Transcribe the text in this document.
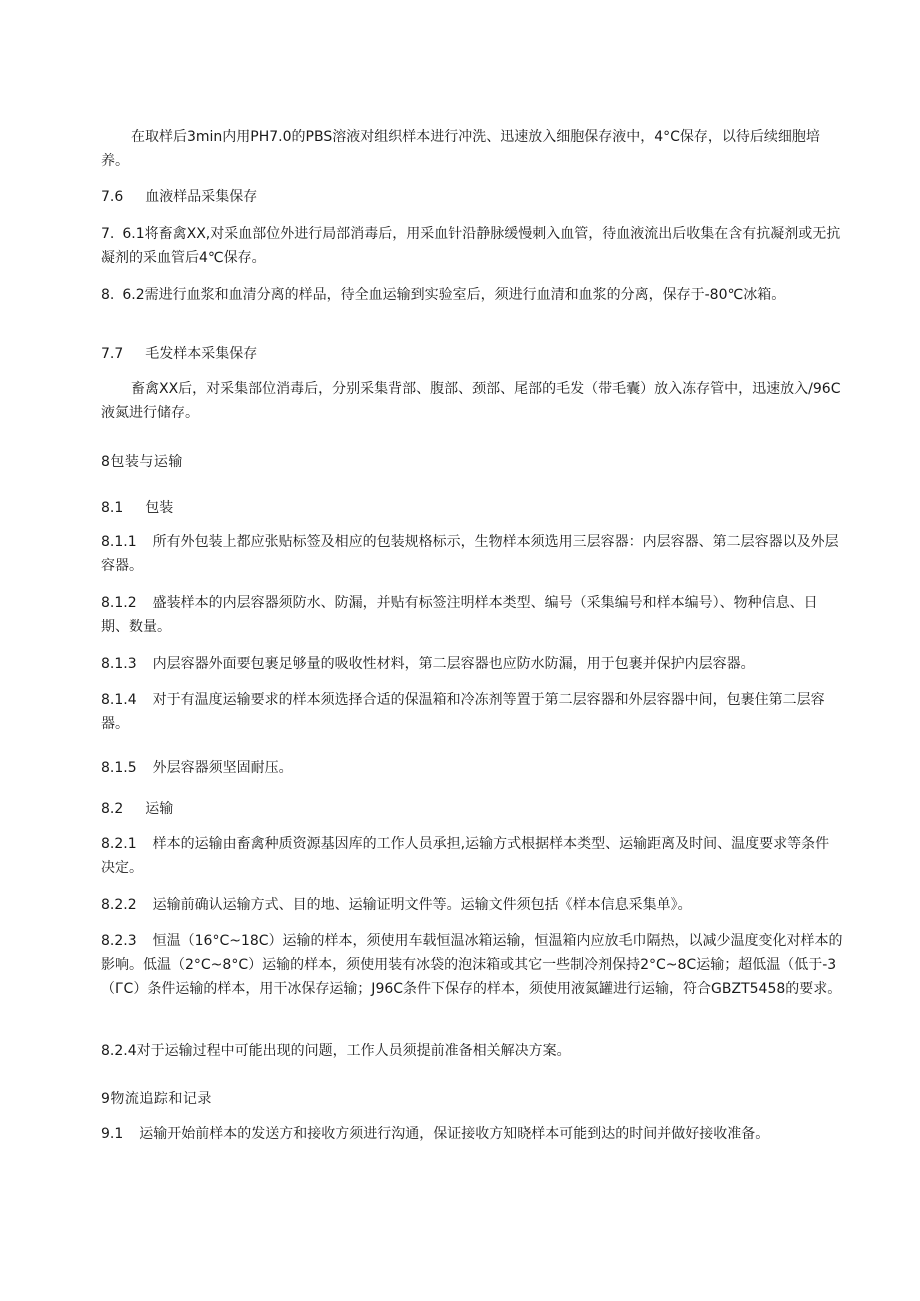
在取样后3min内用PH7.0的PBS溶液对组织样本进行冲洗、迅速放入细胞保存液中，4°C保存，以待后续细胞培养。

7.6 血液样品采集保存

7. 6.1将畜禽XX,对采血部位外进行局部消毒后，用采血针沿静脉缓慢刺入血管，待血液流出后收集在含有抗凝剂或无抗凝剂的采血管后4℃保存。

8. 6.2需进行血浆和血清分离的样品，待全血运输到实验室后，须进行血清和血浆的分离，保存于-80℃冰箱。

7.7 毛发样本采集保存

畜禽XX后，对采集部位消毒后，分别采集背部、腹部、颈部、尾部的毛发（带毛囊）放入冻存管中，迅速放入/96C液氮进行储存。

8包装与运输

8.1 包装

8.1.1 所有外包装上都应张贴标签及相应的包装规格标示，生物样本须选用三层容器：内层容器、第二层容器以及外层容器。

8.1.2 盛装样本的内层容器须防水、防漏，并贴有标签注明样本类型、编号（采集编号和样本编号）、物种信息、日期、数量。

8.1.3 内层容器外面要包裹足够量的吸收性材料，第二层容器也应防水防漏，用于包裹并保护内层容器。

8.1.4 对于有温度运输要求的样本须选择合适的保温箱和冷冻剂等置于第二层容器和外层容器中间，包裹住第二层容器。

8.1.5 外层容器须坚固耐压。

8.2 运输

8.2.1 样本的运输由畜禽种质资源基因库的工作人员承担,运输方式根据样本类型、运输距离及时间、温度要求等条件决定。

8.2.2 运输前确认运输方式、目的地、运输证明文件等。运输文件须包括《样本信息采集单》。

8.2.3 恒温（16°C~18C）运输的样本，须使用车载恒温冰箱运输，恒温箱内应放毛巾隔热，以减少温度变化对样本的影响。低温（2°C~8°C）运输的样本，须使用装有冰袋的泡沫箱或其它一些制冷剂保持2°C~8C运输；超低温（低于-3（ГС）条件运输的样本，用干冰保存运输；J96C条件下保存的样本，须使用液氮罐进行运输，符合GBZT5458的要求。

8.2.4对于运输过程中可能出现的问题，工作人员须提前准备相关解决方案。

9物流追踪和记录

9.1 运输开始前样本的发送方和接收方须进行沟通，保证接收方知晓样本可能到达的时间并做好接收准备。
